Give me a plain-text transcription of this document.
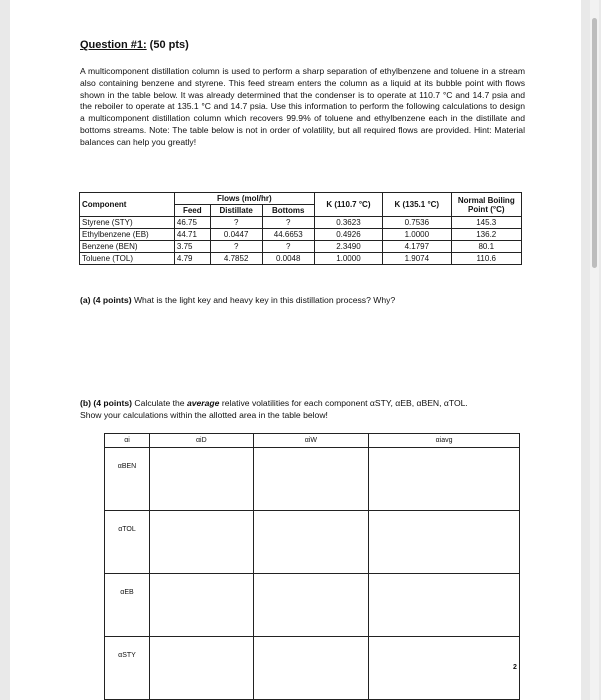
Question #1: (50 pts)
A multicomponent distillation column is used to perform a sharp separation of ethylbenzene and toluene in a stream also containing benzene and styrene. This feed stream enters the column as a liquid at its bubble point with flows shown in the table below. It was already determined that the condenser is to operate at 110.7 °C and 14.7 psia and the reboiler to operate at 135.1 °C and 14.7 psia. Use this information to perform the following calculations to design a multicomponent distillation column which recovers 99.9% of toluene and ethylbenzene each in the distillate and bottoms streams. Note: The table below is not in order of volatility, but all required flows are provided. Hint: Material balances can help you greatly!
Component	Flows (mol/hr)			K (110.7 °C)	K (135.1 °C)	Normal Boiling Point (°C)
	Feed	Distillate	Bottoms			
Styrene (STY)	46.75	?	?	0.3623	0.7536	145.3
Ethylbenzene (EB)	44.71	0.0447	44.6653	0.4926	1.0000	136.2
Benzene (BEN)	3.75	?	?	2.3490	4.1797	80.1
Toluene (TOL)	4.79	4.7852	0.0048	1.0000	1.9074	110.6
(a) (4 points) What is the light key and heavy key in this distillation process? Why?
(b) (4 points) Calculate the average relative volatilities for each component αSTY, αEB, αBEN, αTOL.
Show your calculations within the allotted area in the table below!
αi	αiD	αiW	αiavg
αBEN			
αTOL			
αEB			
αSTY			
2
